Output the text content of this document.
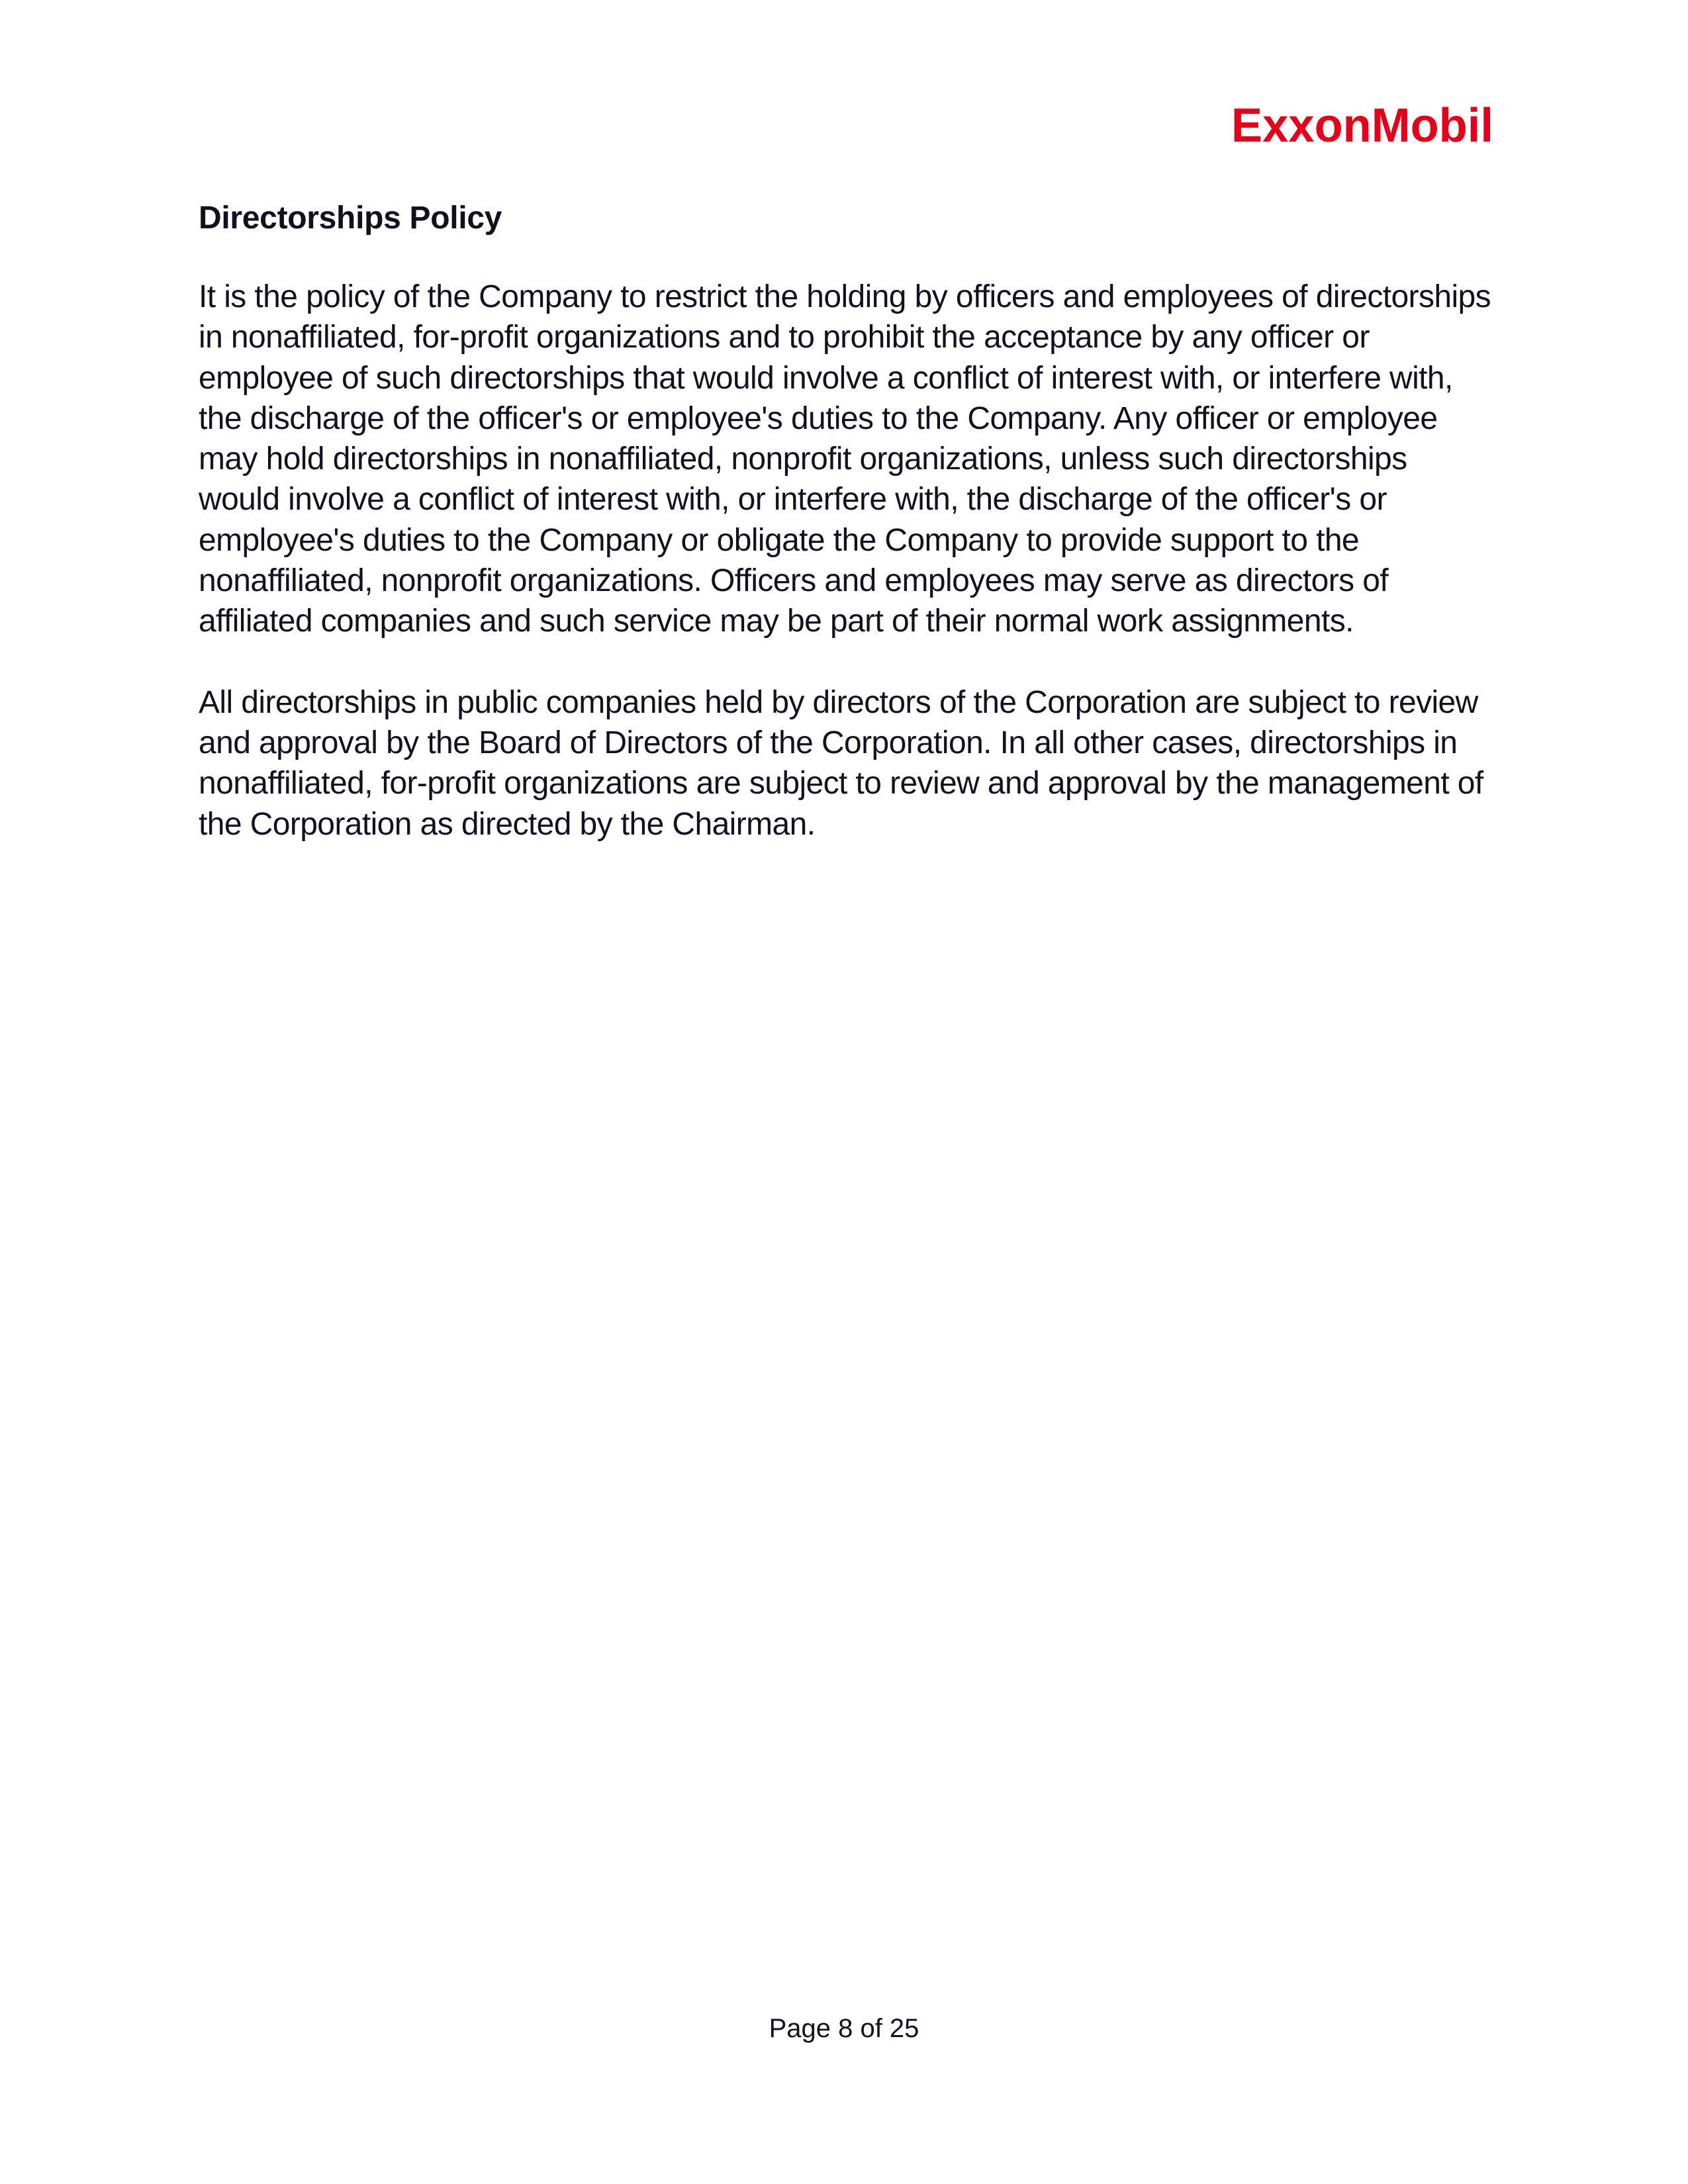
ExxonMobil
Directorships Policy

It is the policy of the Company to restrict the holding by officers and employees of directorships in nonaffiliated, for-profit organizations and to prohibit the acceptance by any officer or employee of such directorships that would involve a conflict of interest with, or interfere with, the discharge of the officer's or employee's duties to the Company. Any officer or employee may hold directorships in nonaffiliated, nonprofit organizations, unless such directorships would involve a conflict of interest with, or interfere with, the discharge of the officer's or employee's duties to the Company or obligate the Company to provide support to the nonaffiliated, nonprofit organizations. Officers and employees may serve as directors of affiliated companies and such service may be part of their normal work assignments.

All directorships in public companies held by directors of the Corporation are subject to review and approval by the Board of Directors of the Corporation. In all other cases, directorships in nonaffiliated, for-profit organizations are subject to review and approval by the management of the Corporation as directed by the Chairman.

Page 8 of 25
